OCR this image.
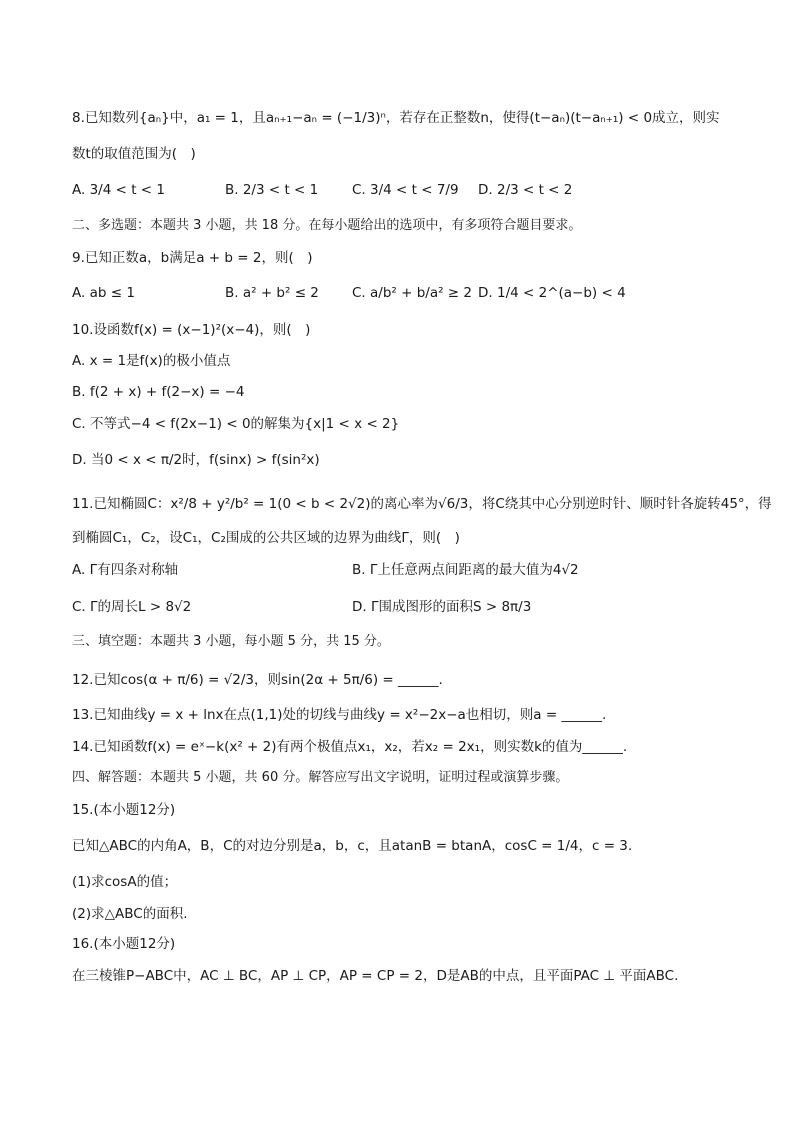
8.已知数列{aₙ}中，a₁ = 1，且aₙ₊₁−aₙ = (−1/3)ⁿ，若存在正整数n，使得(t−aₙ)(t−aₙ₊₁) < 0成立，则实
数t的取值范围为(　)
A. 3/4 < t < 1	B. 2/3 < t < 1	C. 3/4 < t < 7/9 D. 2/3 < t < 2
二、多选题：本题共 3 小题，共 18 分。在每小题给出的选项中，有多项符合题目要求。
9.已知正数a，b满足a + b = 2，则(　)
A. ab ≤ 1	B. a² + b² ≤ 2 C. a/b² + b/a² ≥ 2 D. 1/4 < 2^(a−b) < 4
10.设函数f(x) = (x−1)²(x−4)，则(　)
A. x = 1是f(x)的极小值点
B. f(2 + x) + f(2−x) = −4
C. 不等式−4 < f(2x−1) < 0的解集为{x|1 < x < 2}
D. 当0 < x < π/2时，f(sinx) > f(sin²x)
11.已知椭圆C：x²/8 + y²/b² = 1(0 < b < 2√2)的离心率为√6/3，将C绕其中心分别逆时针、顺时针各旋转45°，得
到椭圆C₁，C₂，设C₁，C₂围成的公共区域的边界为曲线Γ，则(　)
A. Γ有四条对称轴	B. Γ上任意两点间距离的最大值为4√2
C. Γ的周长L > 8√2	D. Γ围成图形的面积S > 8π/3
三、填空题：本题共 3 小题，每小题 5 分，共 15 分。
12.已知cos(α + π/6) = √2/3，则sin(2α + 5π/6) = ______.
13.已知曲线y = x + lnx在点(1,1)处的切线与曲线y = x²−2x−a也相切，则a = ______.
14.已知函数f(x) = eˣ−k(x² + 2)有两个极值点x₁，x₂，若x₂ = 2x₁，则实数k的值为______.
四、解答题：本题共 5 小题，共 60 分。解答应写出文字说明，证明过程或演算步骤。
15.(本小题12分)
已知△ABC的内角A，B，C的对边分别是a，b，c，且atanB = btanA，cosC = 1/4，c = 3.
(1)求cosA的值；
(2)求△ABC的面积.
16.(本小题12分)
在三棱锥P−ABC中，AC ⊥ BC，AP ⊥ CP，AP = CP = 2，D是AB的中点，且平面PAC ⊥ 平面ABC.
